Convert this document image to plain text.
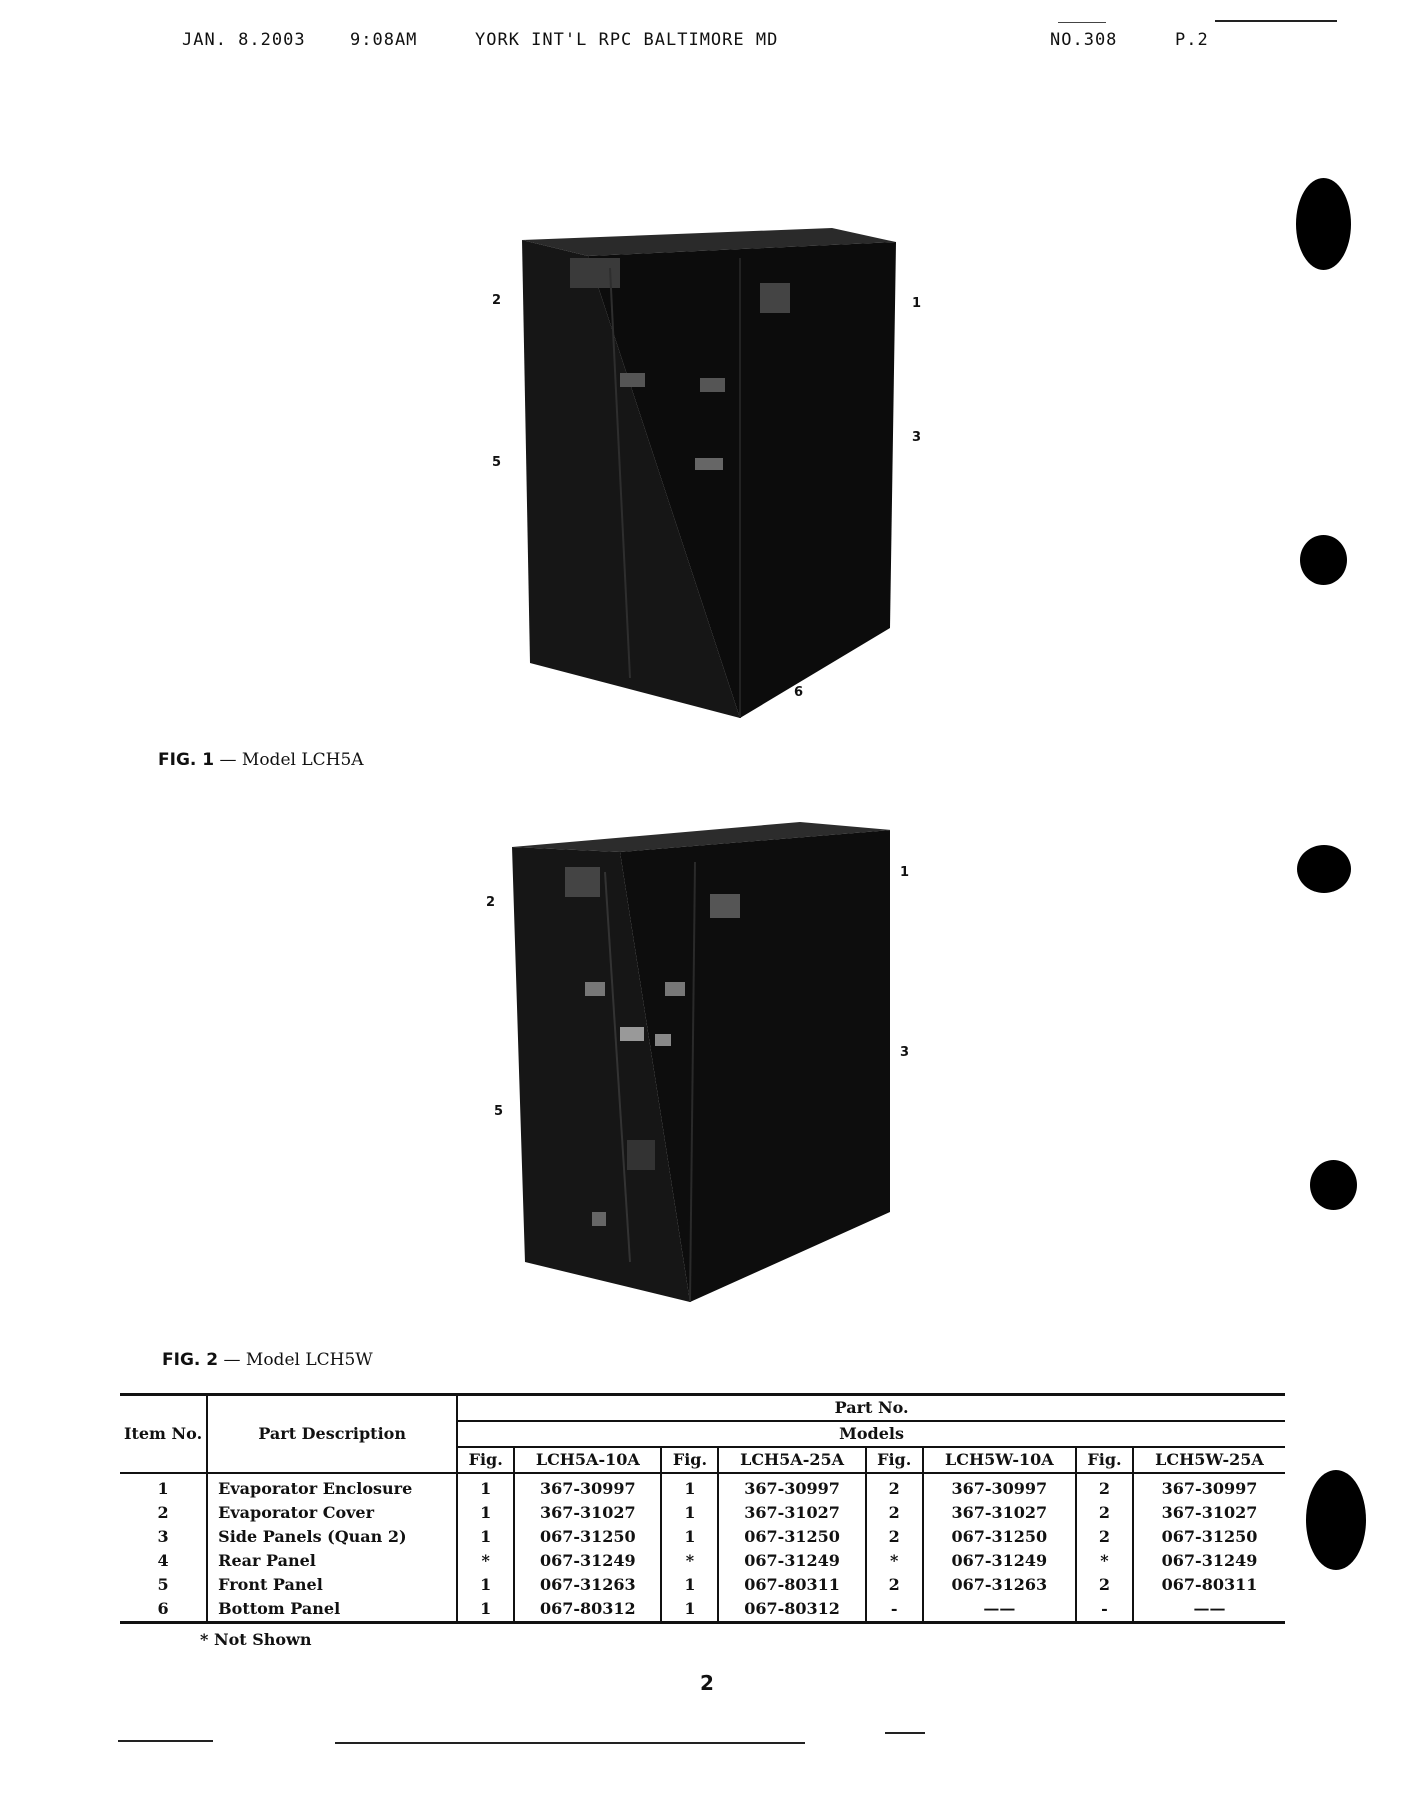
JAN. 8.2003	9:08AM	YORK INT'L RPC BALTIMORE MD	NO.308	P.2
1
2
3
5
6
FIG. 1 — Model LCH5A
1
2
3
5
FIG. 2 — Model LCH5W
Item No.	Part Description	Part No.							
		Models							
		Fig.	LCH5A-10A	Fig.	LCH5A-25A	Fig.	LCH5W-10A	Fig.	LCH5W-25A
1	Evaporator Enclosure	1	367-30997	1	367-30997	2	367-30997	2	367-30997
2	Evaporator Cover	1	367-31027	1	367-31027	2	367-31027	2	367-31027
3	Side Panels (Quan 2)	1	067-31250	1	067-31250	2	067-31250	2	067-31250
4	Rear Panel	*	067-31249	*	067-31249	*	067-31249	*	067-31249
5	Front Panel	1	067-31263	1	067-80311	2	067-31263	2	067-80311
6	Bottom Panel	1	067-80312	1	067-80312	-	——	-	——
* Not Shown
2
